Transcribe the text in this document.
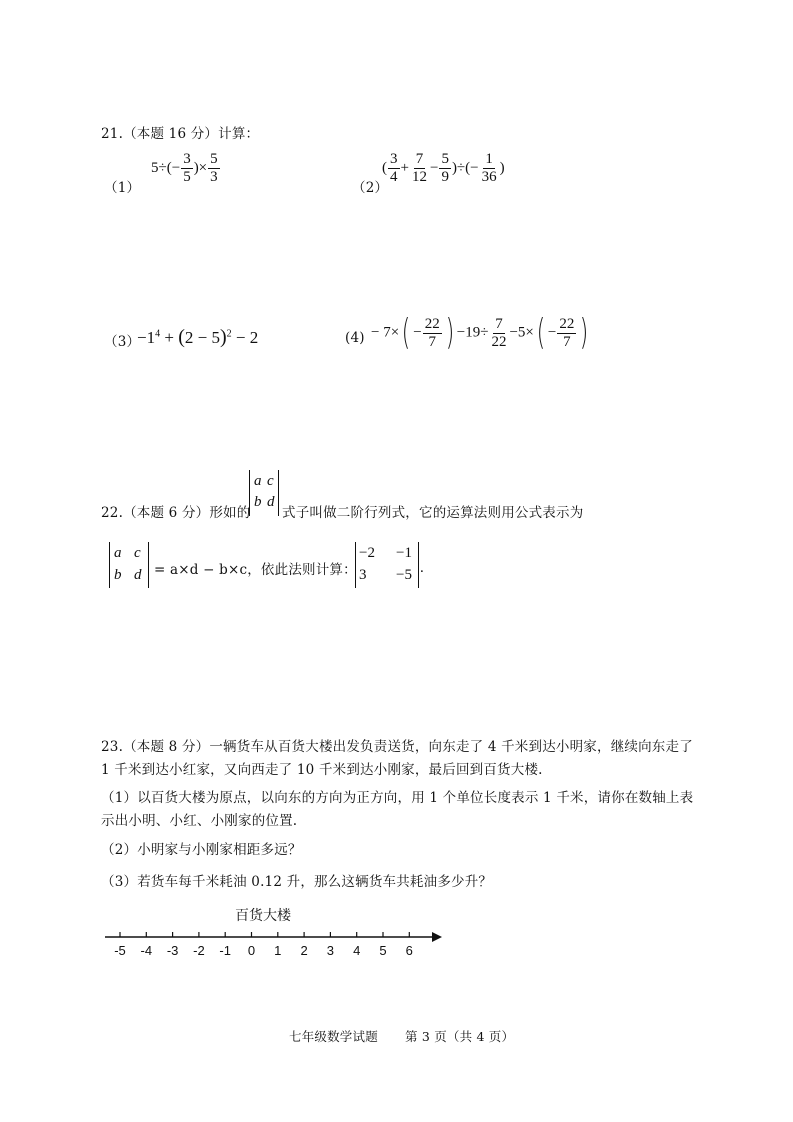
21.（本题 16 分）计算：
（1）
$5\div(- \frac{3}{5}$ )× $\frac{5}{3}$
（2）
( $\frac{3}{4} + \frac{7}{12} - \frac{5}{9}$ )÷(− $\frac{1}{36}$ )
（3）
$-1^4 + (2 - 5)^2 - 2$	$(4) - 7\times( - \frac{22}{7}$ ) $-19\div \frac{7}{22} -5\times( - \frac{22}{7}$ )
22.（本题 6 分）形如的
a c
b d
式子叫做二阶行列式，它的运算法则用公式表示为
a c
b d = a×d − b×c，依此法则计算：
−2 −1
3 −5 .
23.（本题 8 分）一辆货车从百货大楼出发负责送货，向东走了 4 千米到达小明家，继续向东走了
1 千米到达小红家，又向西走了 10 千米到达小刚家，最后回到百货大楼.
（1）以百货大楼为原点，以向东的方向为正方向，用 1 个单位长度表示 1 千米，请你在数轴上表
示出小明、小红、小刚家的位置.
（2）小明家与小刚家相距多远？
（3）若货车每千米耗油 0.12 升，那么这辆货车共耗油多少升？
百货大楼
-5 -4 -3 -2 -1 0 1 2 3 4 5 6
七年级数学试题 第 3 页（共 4 页）
